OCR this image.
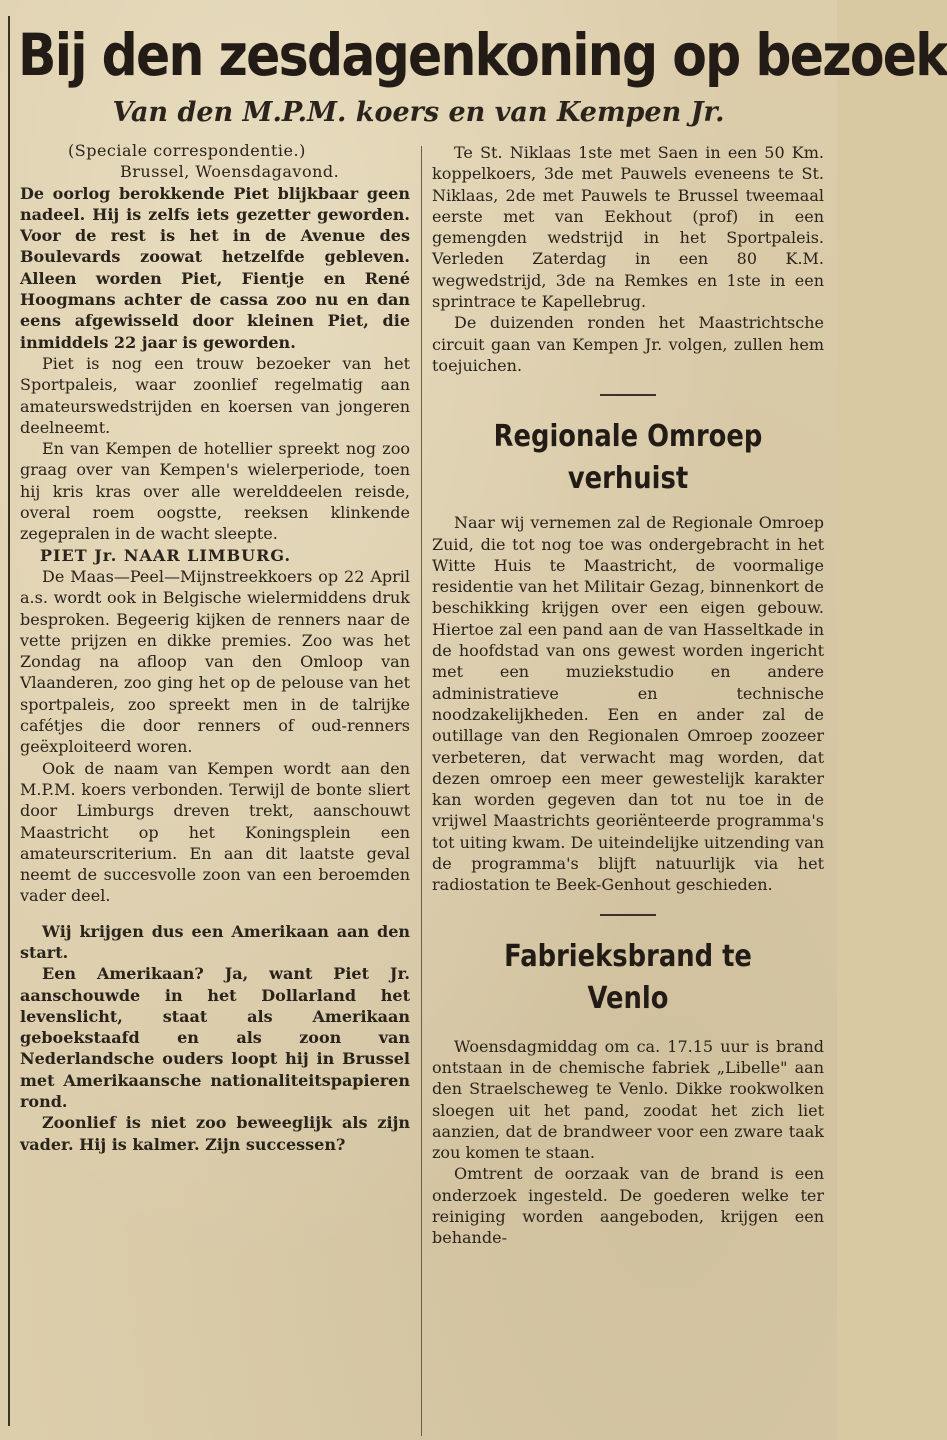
Bij den zesdagenkoning op bezoek
Van den M.P.M. koers en van Kempen Jr.

(Speciale correspondentie.)

Brussel, Woensdagavond.

De oorlog berokkende Piet blijkbaar geen nadeel. Hij is zelfs iets gezetter geworden. Voor de rest is het in de Avenue des Boulevards zoowat hetzelfde gebleven. Alleen worden Piet, Fientje en René Hoogmans achter de cassa zoo nu en dan eens afgewisseld door kleinen Piet, die inmiddels 22 jaar is geworden.

Piet is nog een trouw bezoeker van het Sportpaleis, waar zoonlief regelmatig aan amateurswedstrijden en koersen van jongeren deelneemt.

En van Kempen de hotellier spreekt nog zoo graag over van Kempen's wielerperiode, toen hij kris kras over alle werelddeelen reisde, overal roem oogstte, reeksen klinkende zegepralen in de wacht sleepte.

PIET Jr. NAAR LIMBURG.

De Maas—Peel—Mijnstreekkoers op 22 April a.s. wordt ook in Belgische wielermiddens druk besproken. Begeerig kijken de renners naar de vette prijzen en dikke premies. Zoo was het Zondag na afloop van den Omloop van Vlaanderen, zoo ging het op de pelouse van het sportpaleis, zoo spreekt men in de talrijke cafétjes die door renners of oud-renners geëxploiteerd woren.

Ook de naam van Kempen wordt aan den M.P.M. koers verbonden. Terwijl de bonte sliert door Limburgs dreven trekt, aanschouwt Maastricht op het Koningsplein een amateurscriterium. En aan dit laatste geval neemt de succesvolle zoon van een beroemden vader deel.

Wij krijgen dus een Amerikaan aan den start.

Een Amerikaan? Ja, want Piet Jr. aanschouwde in het Dollarland het levenslicht, staat als Amerikaan geboekstaafd en als zoon van Nederlandsche ouders loopt hij in Brussel met Amerikaansche nationaliteitspapieren rond.

Zoonlief is niet zoo beweeglijk als zijn vader. Hij is kalmer. Zijn successen?

Te St. Niklaas 1ste met Saen in een 50 Km. koppelkoers, 3de met Pauwels eveneens te St. Niklaas, 2de met Pauwels te Brussel tweemaal eerste met van Eekhout (prof) in een gemengden wedstrijd in het Sportpaleis. Verleden Zaterdag in een 80 K.M. wegwedstrijd, 3de na Remkes en 1ste in een sprintrace te Kapellebrug.

De duizenden ronden het Maastrichtsche circuit gaan van Kempen Jr. volgen, zullen hem toejuichen.

Regionale Omroep
verhuist

Naar wij vernemen zal de Regionale Omroep Zuid, die tot nog toe was ondergebracht in het Witte Huis te Maastricht, de voormalige residentie van het Militair Gezag, binnenkort de beschikking krijgen over een eigen gebouw. Hiertoe zal een pand aan de van Hasseltkade in de hoofdstad van ons gewest worden ingericht met een muziekstudio en andere administratieve en technische noodzakelijkheden. Een en ander zal de outillage van den Regionalen Omroep zoozeer verbeteren, dat verwacht mag worden, dat dezen omroep een meer gewestelijk karakter kan worden gegeven dan tot nu toe in de vrijwel Maastrichts georiënteerde programma's tot uiting kwam. De uiteindelijke uitzending van de programma's blijft natuurlijk via het radiostation te Beek-Genhout geschieden.

Fabrieksbrand te Venlo

Woensdagmiddag om ca. 17.15 uur is brand ontstaan in de chemische fabriek „Libelle" aan den Straelscheweg te Venlo. Dikke rookwolken sloegen uit het pand, zoodat het zich liet aanzien, dat de brandweer voor een zware taak zou komen te staan.

Omtrent de oorzaak van de brand is een onderzoek ingesteld. De goederen welke ter reiniging worden aangeboden, krijgen een behande-
